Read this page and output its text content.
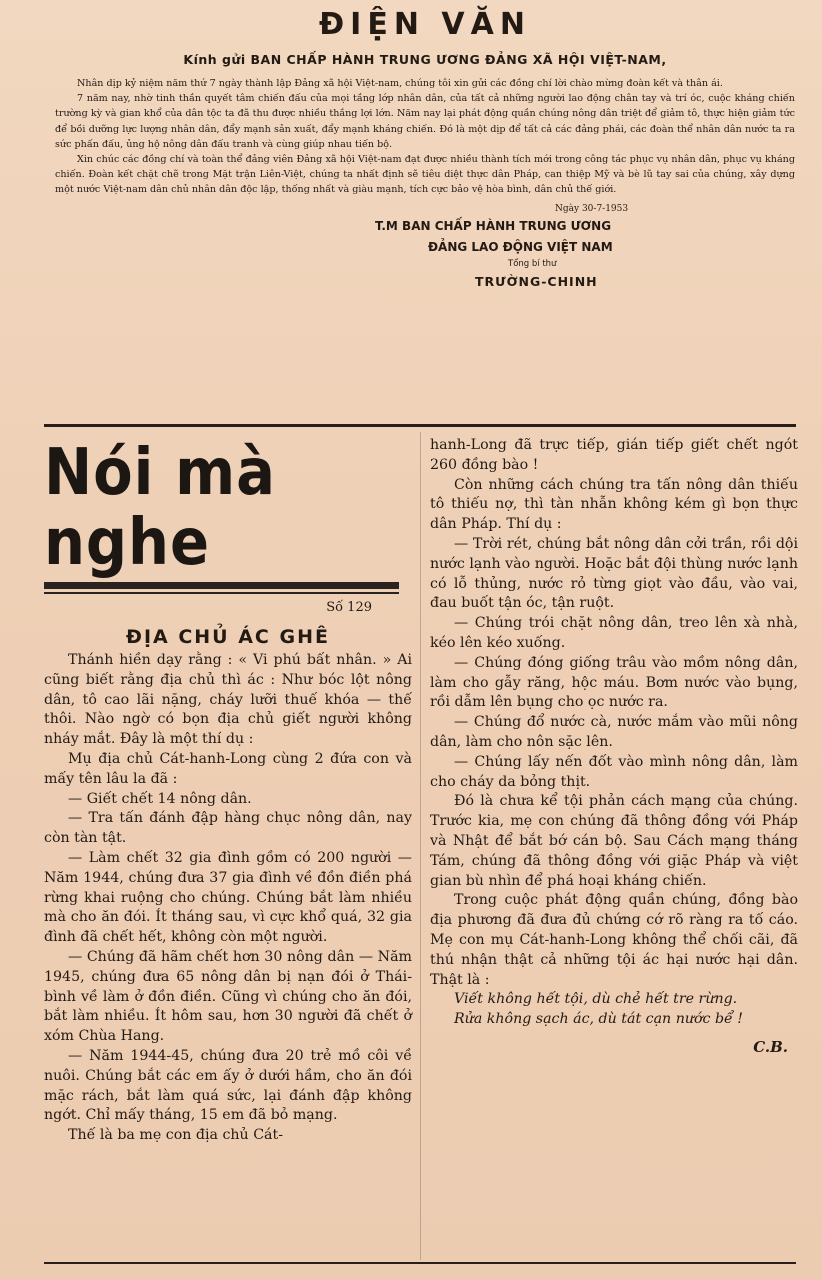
ĐIỆN VĂN
Kính gửi BAN CHẤP HÀNH TRUNG ƯƠNG ĐẢNG XÃ HỘI VIỆT-NAM,

Nhân dịp kỷ niệm năm thứ 7 ngày thành lập Đảng xã hội Việt-nam, chúng tôi xin gửi các đồng chí lời chào mừng đoàn kết và thân ái.

7 năm nay, nhờ tinh thần quyết tâm chiến đấu của mọi tầng lớp nhân dân, của tất cả những người lao động chân tay và trí óc, cuộc kháng chiến trường kỳ và gian khổ của dân tộc ta đã thu được nhiều thắng lợi lớn. Năm nay lại phát động quần chúng nông dân triệt để giảm tô, thực hiện giảm tức để bồi dưỡng lực lượng nhân dân, đẩy mạnh sản xuất, đẩy mạnh kháng chiến. Đó là một dịp để tất cả các đảng phái, các đoàn thể nhân dân nước ta ra sức phấn đấu, ủng hộ nông dân đấu tranh và cùng giúp nhau tiến bộ.

Xin chúc các đồng chí và toàn thể đảng viên Đảng xã hội Việt-nam đạt được nhiều thành tích mới trong công tác phục vụ nhân dân, phục vụ kháng chiến. Đoàn kết chặt chẽ trong Mặt trận Liên-Việt, chúng ta nhất định sẽ tiêu diệt thực dân Pháp, can thiệp Mỹ và bè lũ tay sai của chúng, xây dựng một nước Việt-nam dân chủ nhân dân độc lập, thống nhất và giàu mạnh, tích cực bảo vệ hòa bình, dân chủ thế giới.

Ngày 30-7-1953
T.M BAN CHẤP HÀNH TRUNG ƯƠNG
ĐẢNG LAO ĐỘNG VIỆT NAM
Tổng bí thư
TRƯỜNG-CHINH
Nói mà nghe
Số 129
ĐỊA CHỦ ÁC GHÊ

Thánh hiền dạy rằng : « Vi phú bất nhân. » Ai cũng biết rằng địa chủ thì ác : Như bóc lột nông dân, tô cao lãi nặng, cháy lưỡi thuế khóa — thế thôi. Nào ngờ có bọn địa chủ giết người không nháy mắt. Đây là một thí dụ :

Mụ địa chủ Cát-hanh-Long cùng 2 đứa con và mấy tên lâu la đã :

— Giết chết 14 nông dân.

— Tra tấn đánh đập hàng chục nông dân, nay còn tàn tật.

— Làm chết 32 gia đình gồm có 200 người — Năm 1944, chúng đưa 37 gia đình về đồn điền phá rừng khai ruộng cho chúng. Chúng bắt làm nhiều mà cho ăn đói. Ít tháng sau, vì cực khổ quá, 32 gia đình đã chết hết, không còn một người.

— Chúng đã hãm chết hơn 30 nông dân — Năm 1945, chúng đưa 65 nông dân bị nạn đói ở Thái-bình về làm ở đồn điền. Cũng vì chúng cho ăn đói, bắt làm nhiều. Ít hôm sau, hơn 30 người đã chết ở xóm Chùa Hang.

— Năm 1944-45, chúng đưa 20 trẻ mồ côi về nuôi. Chúng bắt các em ấy ở dưới hầm, cho ăn đói mặc rách, bắt làm quá sức, lại đánh đập không ngớt. Chỉ mấy tháng, 15 em đã bỏ mạng.

Thế là ba mẹ con địa chủ Cát-

hanh-Long đã trực tiếp, gián tiếp giết chết ngót 260 đồng bào !

Còn những cách chúng tra tấn nông dân thiếu tô thiếu nợ, thì tàn nhẫn không kém gì bọn thực dân Pháp. Thí dụ :

— Trời rét, chúng bắt nông dân cởi trần, rồi dội nước lạnh vào người. Hoặc bắt đội thùng nước lạnh có lỗ thủng, nước rỏ từng giọt vào đầu, vào vai, đau buốt tận óc, tận ruột.

— Chúng trói chặt nông dân, treo lên xà nhà, kéo lên kéo xuống.

— Chúng đóng giống trâu vào mồm nông dân, làm cho gẫy răng, hộc máu. Bơm nước vào bụng, rồi dẫm lên bụng cho ọc nước ra.

— Chúng đổ nước cà, nước mắm vào mũi nông dân, làm cho nôn sặc lên.

— Chúng lấy nến đốt vào mình nông dân, làm cho cháy da bỏng thịt.

Đó là chưa kể tội phản cách mạng của chúng. Trước kia, mẹ con chúng đã thông đồng với Pháp và Nhật để bắt bớ cán bộ. Sau Cách mạng tháng Tám, chúng đã thông đồng với giặc Pháp và việt gian bù nhìn để phá hoại kháng chiến.

Trong cuộc phát động quần chúng, đồng bào địa phương đã đưa đủ chứng cớ rõ ràng ra tố cáo. Mẹ con mụ Cát-hanh-Long không thể chối cãi, đã thú nhận thật cả những tội ác hại nước hại dân. Thật là :

Viết không hết tội, dù chẻ hết tre rừng.

Rửa không sạch ác, dù tát cạn nước bể !

C.B.
